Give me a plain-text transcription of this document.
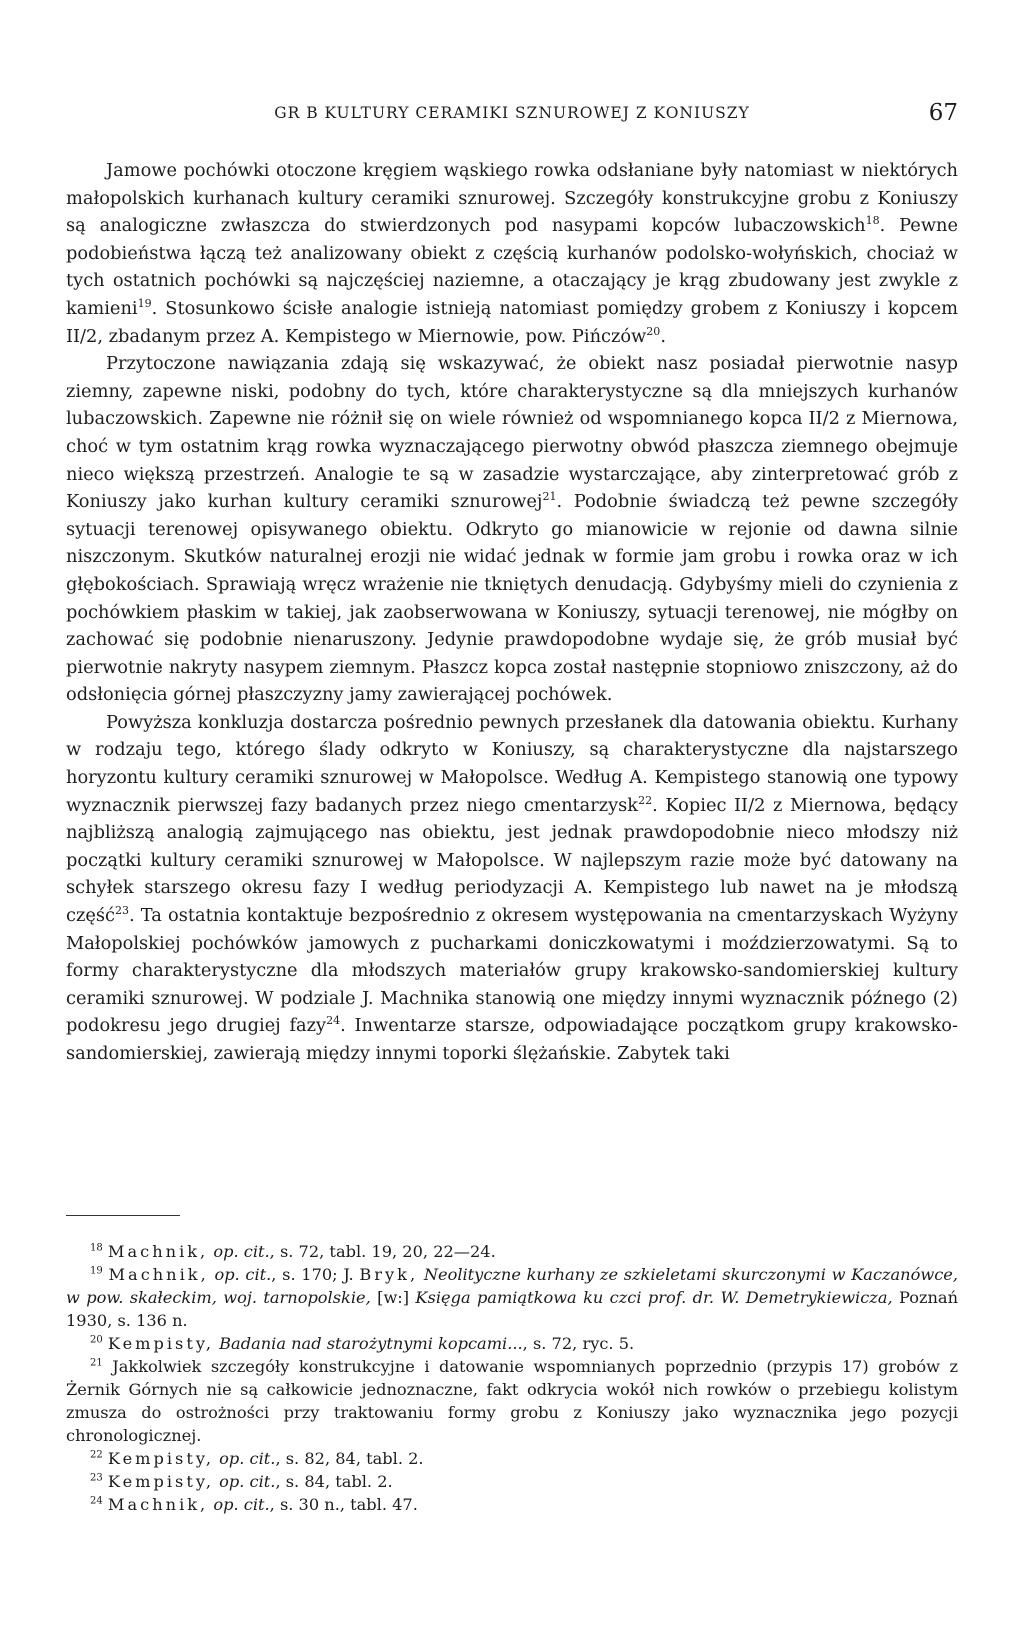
GR B KULTURY CERAMIKI SZNUROWEJ Z KONIUSZY	67

Jamowe pochówki otoczone kręgiem wąskiego rowka odsłaniane były natomiast w niektórych małopolskich kurhanach kultury ceramiki sznurowej. Szczegóły konstrukcyjne grobu z Koniuszy są analogiczne zwłaszcza do stwierdzonych pod nasypami kopców lubaczowskich$^{18}$. Pewne podobieństwa łączą też analizowany obiekt z częścią kurhanów podolsko-wołyńskich, chociaż w tych ostatnich pochówki są najczęściej naziemne, a otaczający je krąg zbudowany jest zwykle z kamieni$^{19}$. Stosunkowo ścisłe analogie istnieją natomiast pomiędzy grobem z Koniuszy i kopcem II/2, zbadanym przez A. Kempistego w Miernowie, pow. Pińczów$^{20}$.

Przytoczone nawiązania zdają się wskazywać, że obiekt nasz posiadał pierwotnie nasyp ziemny, zapewne niski, podobny do tych, które charakterystyczne są dla mniejszych kurhanów lubaczowskich. Zapewne nie różnił się on wiele również od wspomnianego kopca II/2 z Miernowa, choć w tym ostatnim krąg rowka wyznaczającego pierwotny obwód płaszcza ziemnego obejmuje nieco większą przestrzeń. Analogie te są w zasadzie wystarczające, aby zinterpretować grób z Koniuszy jako kurhan kultury ceramiki sznurowej$^{21}$. Podobnie świadczą też pewne szczegóły sytuacji terenowej opisywanego obiektu. Odkryto go mianowicie w rejonie od dawna silnie niszczonym. Skutków naturalnej erozji nie widać jednak w formie jam grobu i rowka oraz w ich głębokościach. Sprawiają wręcz wrażenie nie tkniętych denudacją. Gdybyśmy mieli do czynienia z pochówkiem płaskim w takiej, jak zaobserwowana w Koniuszy, sytuacji terenowej, nie mógłby on zachować się podobnie nienaruszony. Jedynie prawdopodobne wydaje się, że grób musiał być pierwotnie nakryty nasypem ziemnym. Płaszcz kopca został następnie stopniowo zniszczony, aż do odsłonięcia górnej płaszczyzny jamy zawierającej pochówek.

Powyższa konkluzja dostarcza pośrednio pewnych przesłanek dla datowania obiektu. Kurhany w rodzaju tego, którego ślady odkryto w Koniuszy, są charakterystyczne dla najstarszego horyzontu kultury ceramiki sznurowej w Małopolsce. Według A. Kempistego stanowią one typowy wyznacznik pierwszej fazy badanych przez niego cmentarzysk$^{22}$. Kopiec II/2 z Miernowa, będący najbliższą analogią zajmującego nas obiektu, jest jednak prawdopodobnie nieco młodszy niż początki kultury ceramiki sznurowej w Małopolsce. W najlepszym razie może być datowany na schyłek starszego okresu fazy I według periodyzacji A. Kempistego lub nawet na je młodszą część$^{23}$. Ta ostatnia kontaktuje bezpośrednio z okresem występowania na cmentarzyskach Wyżyny Małopolskiej pochówków jamowych z pucharkami doniczkowatymi i moździerzowatymi. Są to formy charakterystyczne dla młodszych materiałów grupy krakowsko-sandomierskiej kultury ceramiki sznurowej. W podziale J. Machnika stanowią one między innymi wyznacznik późnego (2) podokresu jego drugiej fazy$^{24}$. Inwentarze starsze, odpowiadające początkom grupy krakowsko-sandomierskiej, zawierają między innymi toporki ślężańskie. Zabytek taki

$^{18}$ Machnik, op. cit., s. 72, tabl. 19, 20, 22—24.

$^{19}$ Machnik, op. cit., s. 170; J. Bryk, Neolityczne kurhany ze szkieletami skurczonymi w Kaczanówce, w pow. skałeckim, woj. tarnopolskie, [w:] Księga pamiątkowa ku czci prof. dr. W. Demetrykiewicza, Poznań 1930, s. 136 n.

$^{20}$ Kempisty, Badania nad starożytnymi kopcami..., s. 72, ryc. 5.

$^{21}$ Jakkolwiek szczegóły konstrukcyjne i datowanie wspomnianych poprzednio (przypis 17) grobów z Żernik Górnych nie są całkowicie jednoznaczne, fakt odkrycia wokół nich rowków o przebiegu kolistym zmusza do ostrożności przy traktowaniu formy grobu z Koniuszy jako wyznacznika jego pozycji chronologicznej.

$^{22}$ Kempisty, op. cit., s. 82, 84, tabl. 2.

$^{23}$ Kempisty, op. cit., s. 84, tabl. 2.

$^{24}$ Machnik, op. cit., s. 30 n., tabl. 47.
